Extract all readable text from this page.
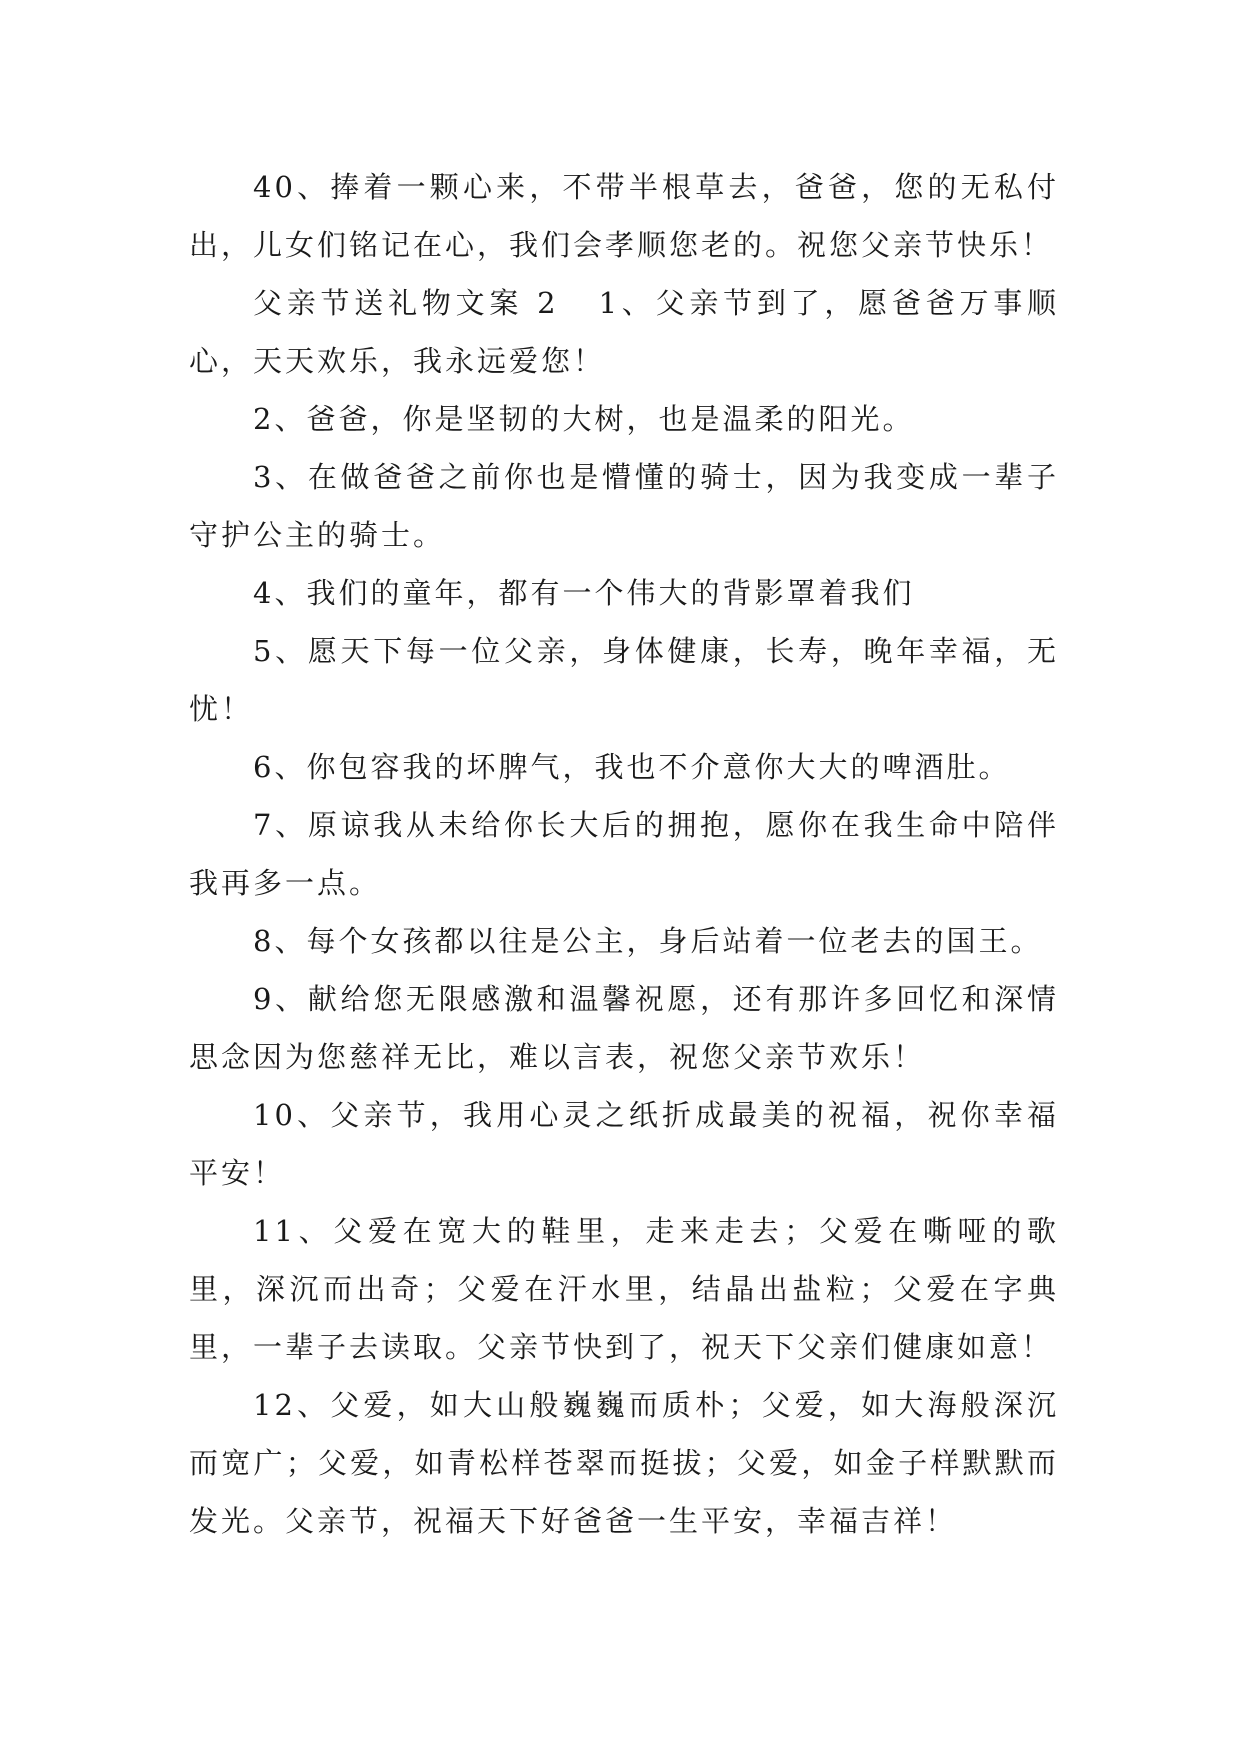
40、捧着一颗心来，不带半根草去，爸爸，您的无私付出，儿女们铭记在心，我们会孝顺您老的。祝您父亲节快乐！

父亲节送礼物文案 2 1、父亲节到了，愿爸爸万事顺心，天天欢乐，我永远爱您！

2、爸爸，你是坚韧的大树，也是温柔的阳光。

3、在做爸爸之前你也是懵懂的骑士，因为我变成一辈子守护公主的骑士。

4、我们的童年，都有一个伟大的背影罩着我们

5、愿天下每一位父亲，身体健康，长寿，晚年幸福，无忧！

6、你包容我的坏脾气，我也不介意你大大的啤酒肚。

7、原谅我从未给你长大后的拥抱，愿你在我生命中陪伴我再多一点。

8、每个女孩都以往是公主，身后站着一位老去的国王。

9、献给您无限感激和温馨祝愿，还有那许多回忆和深情思念因为您慈祥无比，难以言表，祝您父亲节欢乐！

10、父亲节，我用心灵之纸折成最美的祝福，祝你幸福平安！

11、父爱在宽大的鞋里，走来走去；父爱在嘶哑的歌里，深沉而出奇；父爱在汗水里，结晶出盐粒；父爱在字典里，一辈子去读取。父亲节快到了，祝天下父亲们健康如意！

12、父爱，如大山般巍巍而质朴；父爱，如大海般深沉而宽广；父爱，如青松样苍翠而挺拔；父爱，如金子样默默而发光。父亲节，祝福天下好爸爸一生平安，幸福吉祥！
